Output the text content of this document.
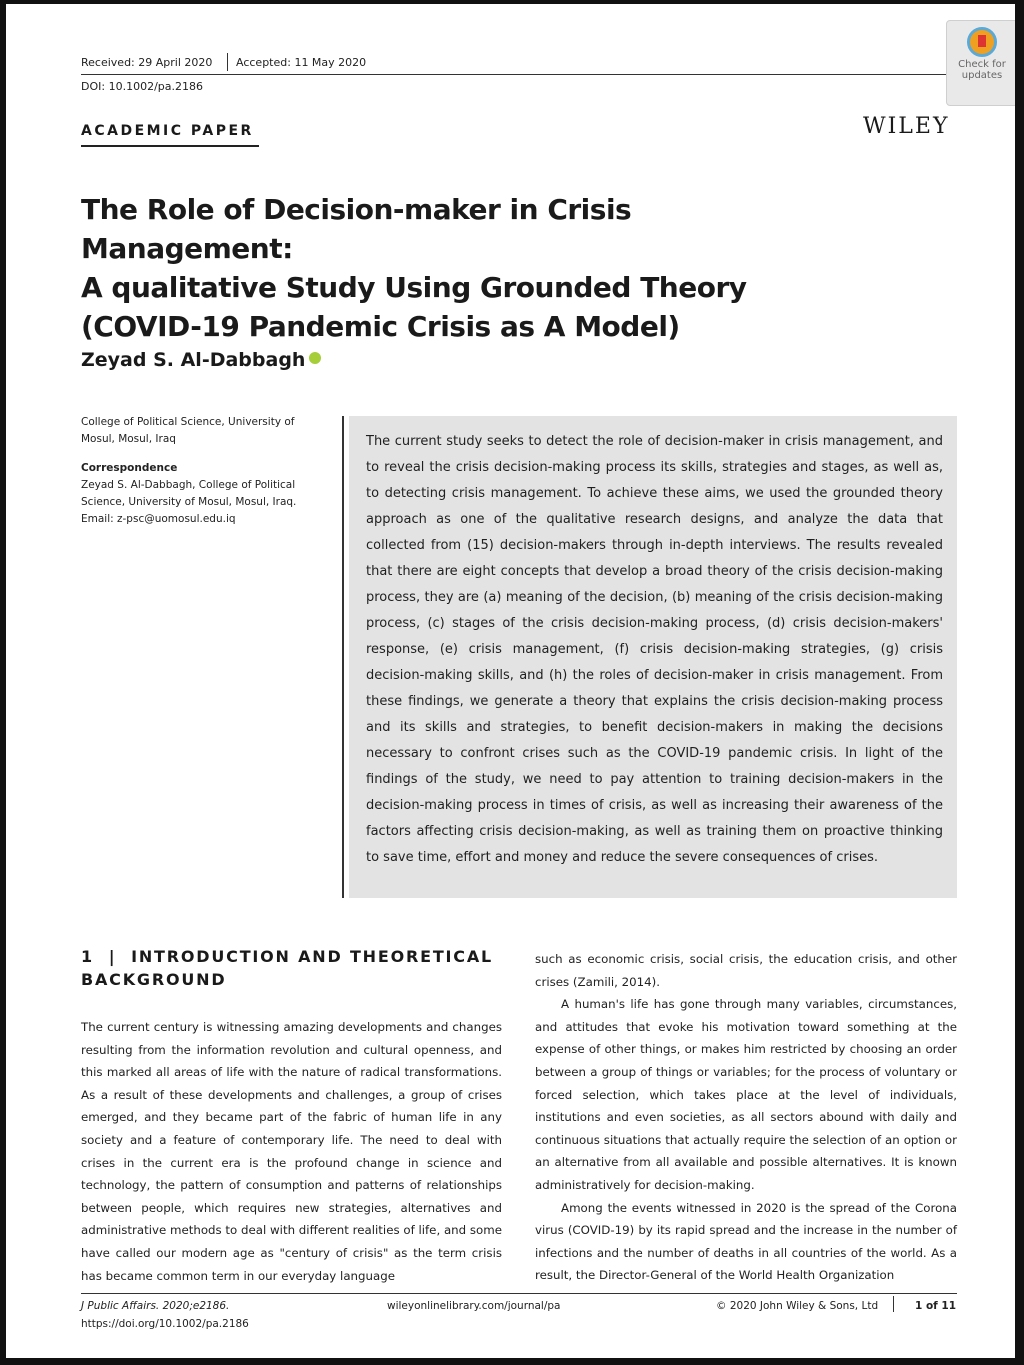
Received: 29 April 2020 Accepted: 11 May 2020
DOI: 10.1002/pa.2186
Check for updates
ACADEMIC PAPER	WILEY
The Role of Decision-maker in Crisis Management:
A qualitative Study Using Grounded Theory
(COVID-19 Pandemic Crisis as A Model)
Zeyad S. Al-Dabbagh
College of Political Science, University of Mosul, Mosul, Iraq
Correspondence
Zeyad S. Al-Dabbagh, College of Political Science, University of Mosul, Mosul, Iraq.
Email: z-psc@uomosul.edu.iq
The current study seeks to detect the role of decision-maker in crisis management, and to reveal the crisis decision-making process its skills, strategies and stages, as well as, to detecting crisis management. To achieve these aims, we used the grounded theory approach as one of the qualitative research designs, and analyze the data that collected from (15) decision-makers through in-depth interviews. The results revealed that there are eight concepts that develop a broad theory of the crisis decision-making process, they are (a) meaning of the decision, (b) meaning of the crisis decision-making process, (c) stages of the crisis decision-making process, (d) crisis decision-makers' response, (e) crisis management, (f) crisis decision-making strategies, (g) crisis decision-making skills, and (h) the roles of decision-maker in crisis management. From these findings, we generate a theory that explains the crisis decision-making process and its skills and strategies, to benefit decision-makers in making the decisions necessary to confront crises such as the COVID-19 pandemic crisis. In light of the findings of the study, we need to pay attention to training decision-makers in the decision-making process in times of crisis, as well as increasing their awareness of the factors affecting crisis decision-making, as well as training them on proactive thinking to save time, effort and money and reduce the severe consequences of crises.
1 | INTRODUCTION AND THEORETICAL
BACKGROUND

The current century is witnessing amazing developments and changes resulting from the information revolution and cultural openness, and this marked all areas of life with the nature of radical transformations. As a result of these developments and challenges, a group of crises emerged, and they became part of the fabric of human life in any society and a feature of contemporary life. The need to deal with crises in the current era is the profound change in science and technology, the pattern of consumption and patterns of relationships between people, which requires new strategies, alternatives and administrative methods to deal with different realities of life, and some have called our modern age as "century of crisis" as the term crisis has became common term in our everyday language

such as economic crisis, social crisis, the education crisis, and other crises (Zamili, 2014).

A human's life has gone through many variables, circumstances, and attitudes that evoke his motivation toward something at the expense of other things, or makes him restricted by choosing an order between a group of things or variables; for the process of voluntary or forced selection, which takes place at the level of individuals, institutions and even societies, as all sectors abound with daily and continuous situations that actually require the selection of an option or an alternative from all available and possible alternatives. It is known administratively for decision-making.

Among the events witnessed in 2020 is the spread of the Corona virus (COVID-19) by its rapid spread and the increase in the number of infections and the number of deaths in all countries of the world. As a result, the Director-General of the World Health Organization

J Public Affairs. 2020;e2186.
https://doi.org/10.1002/pa.2186
wileyonlinelibrary.com/journal/pa	© 2020 John Wiley & Sons, Ltd	1 of 11
